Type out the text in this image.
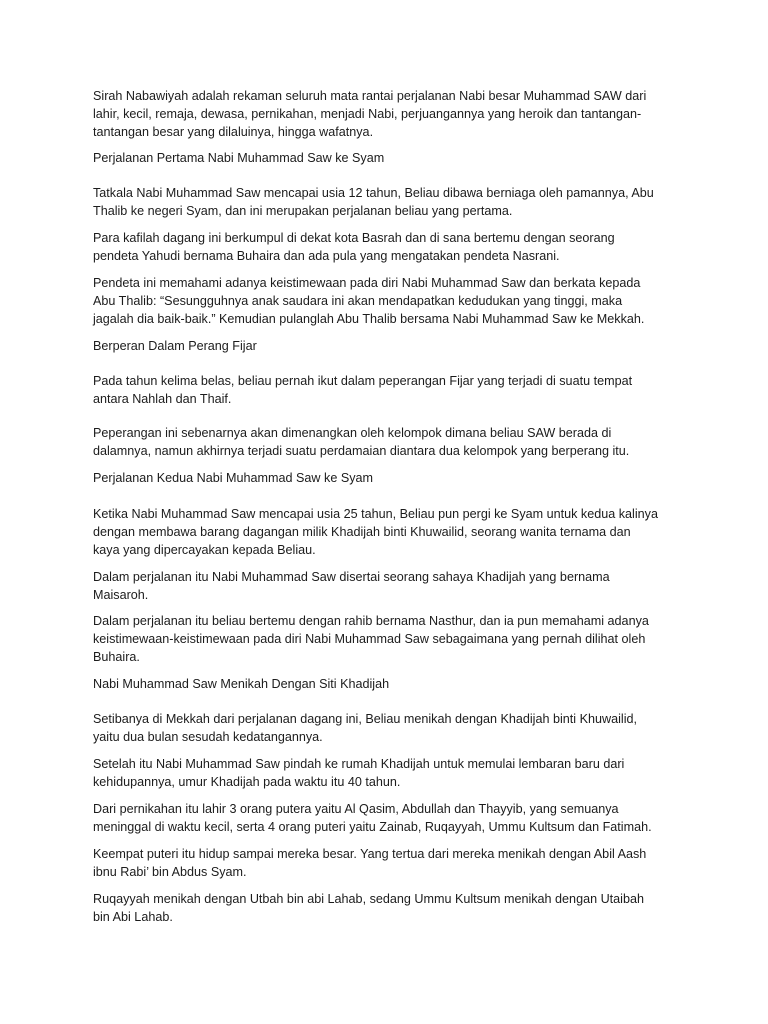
Sirah Nabawiyah adalah rekaman seluruh mata rantai perjalanan Nabi besar Muhammad SAW dari

lahir, kecil, remaja, dewasa, pernikahan, menjadi Nabi, perjuangannya yang heroik dan tantangan-

tantangan besar yang dilaluinya, hingga wafatnya.

Perjalanan Pertama Nabi Muhammad Saw ke Syam

Tatkala Nabi Muhammad Saw mencapai usia 12 tahun, Beliau dibawa berniaga oleh pamannya, Abu

Thalib ke negeri Syam, dan ini merupakan perjalanan beliau yang pertama.

Para kafilah dagang ini berkumpul di dekat kota Basrah dan di sana bertemu dengan seorang

pendeta Yahudi bernama Buhaira dan ada pula yang mengatakan pendeta Nasrani.

Pendeta ini memahami adanya keistimewaan pada diri Nabi Muhammad Saw dan berkata kepada

Abu Thalib: “Sesungguhnya anak saudara ini akan mendapatkan kedudukan yang tinggi, maka

jagalah dia baik-baik.” Kemudian pulanglah Abu Thalib bersama Nabi Muhammad Saw ke Mekkah.

Berperan Dalam Perang Fijar

Pada tahun kelima belas, beliau pernah ikut dalam peperangan Fijar yang terjadi di suatu tempat

antara Nahlah dan Thaif.

Peperangan ini sebenarnya akan dimenangkan oleh kelompok dimana beliau SAW berada di

dalamnya, namun akhirnya terjadi suatu perdamaian diantara dua kelompok yang berperang itu.

Perjalanan Kedua Nabi Muhammad Saw ke Syam

Ketika Nabi Muhammad Saw mencapai usia 25 tahun, Beliau pun pergi ke Syam untuk kedua kalinya

dengan membawa barang dagangan milik Khadijah binti Khuwailid, seorang wanita ternama dan

kaya yang dipercayakan kepada Beliau.

Dalam perjalanan itu Nabi Muhammad Saw disertai seorang sahaya Khadijah yang bernama

Maisaroh.

Dalam perjalanan itu beliau bertemu dengan rahib bernama Nasthur, dan ia pun memahami adanya

keistimewaan-keistimewaan pada diri Nabi Muhammad Saw sebagaimana yang pernah dilihat oleh

Buhaira.

Nabi Muhammad Saw Menikah Dengan Siti Khadijah

Setibanya di Mekkah dari perjalanan dagang ini, Beliau menikah dengan Khadijah binti Khuwailid,

yaitu dua bulan sesudah kedatangannya.

Setelah itu Nabi Muhammad Saw pindah ke rumah Khadijah untuk memulai lembaran baru dari

kehidupannya, umur Khadijah pada waktu itu 40 tahun.

Dari pernikahan itu lahir 3 orang putera yaitu Al Qasim, Abdullah dan Thayyib, yang semuanya

meninggal di waktu kecil, serta 4 orang puteri yaitu Zainab, Ruqayyah, Ummu Kultsum dan Fatimah.

Keempat puteri itu hidup sampai mereka besar. Yang tertua dari mereka menikah dengan Abil Aash

ibnu Rabi’ bin Abdus Syam.

Ruqayyah menikah dengan Utbah bin abi Lahab, sedang Ummu Kultsum menikah dengan Utaibah

bin Abi Lahab.
